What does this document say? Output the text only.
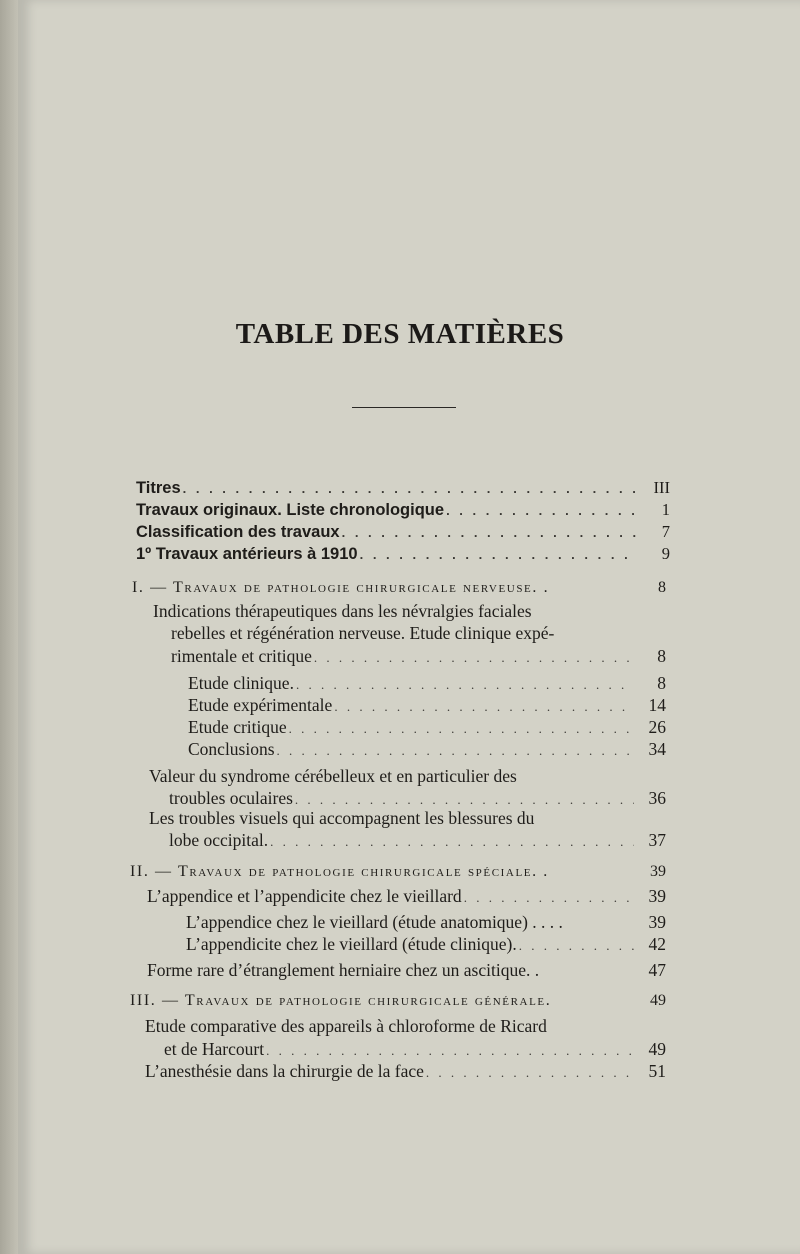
TABLE DES MATIÈRES
Titres . . .	III
Travaux originaux. Liste chronologique . . .	1
Classification des travaux . . .	7
1º Travaux antérieurs à 1910 . . .	9
I. — Travaux de pathologie chirurgicale nerveuse. .	8
Indications thérapeutiques dans les névralgies faciales
rebelles et régénération nerveuse. Etude clinique expé-
rimentale et critique . . .	8
Etude clinique. . . .	8
Etude expérimentale . . .	14
Etude critique . . .	26
Conclusions . . .	34
Valeur du syndrome cérébelleux et en particulier des
troubles oculaires . . .	36
Les troubles visuels qui accompagnent les blessures du
lobe occipital. . . .	37
II. — Travaux de pathologie chirurgicale spéciale. .	39
L’appendice et l’appendicite chez le vieillard . . .	39
L’appendice chez le vieillard (étude anatomique) . . . .	39
L’appendicite chez le vieillard (étude clinique). . . .	42
Forme rare d’étranglement herniaire chez un ascitique. .	47
III. — Travaux de pathologie chirurgicale générale.	49
Etude comparative des appareils à chloroforme de Ricard
et de Harcourt . . .	49
L’anesthésie dans la chirurgie de la face . . .	51
